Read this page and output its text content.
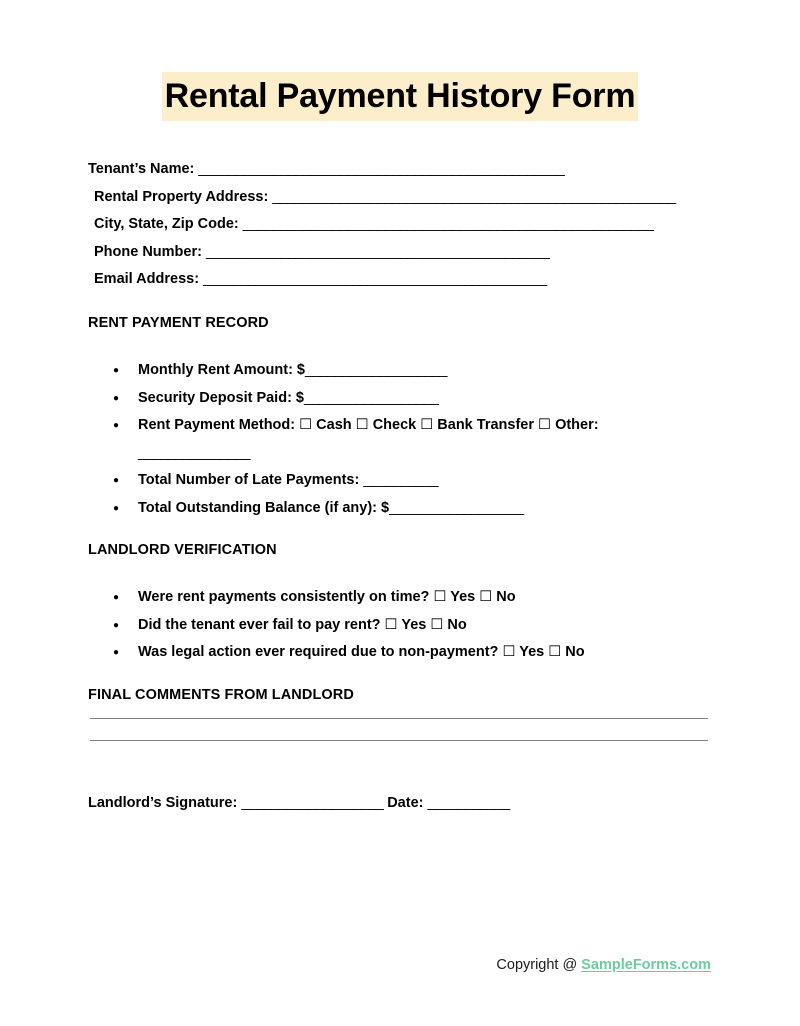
Rental Payment History Form
Tenant’s Name: _________________________________________________
Rental Property Address: ______________________________________________________
City, State, Zip Code: _______________________________________________________
Phone Number: ______________________________________________
Email Address: ______________________________________________
RENT PAYMENT RECORD
● Monthly Rent Amount: $___________________
● Security Deposit Paid: $__________________
● Rent Payment Method: ☐ Cash ☐ Check ☐ Bank Transfer ☐ Other:
_______________
● Total Number of Late Payments: __________
● Total Outstanding Balance (if any): $__________________
LANDLORD VERIFICATION
● Were rent payments consistently on time? ☐ Yes ☐ No
● Did the tenant ever fail to pay rent? ☐ Yes ☐ No
● Was legal action ever required due to non-payment? ☐ Yes ☐ No
FINAL COMMENTS FROM LANDLORD
Landlord’s Signature: ___________________ Date: ___________
Copyright @ SampleForms.com
